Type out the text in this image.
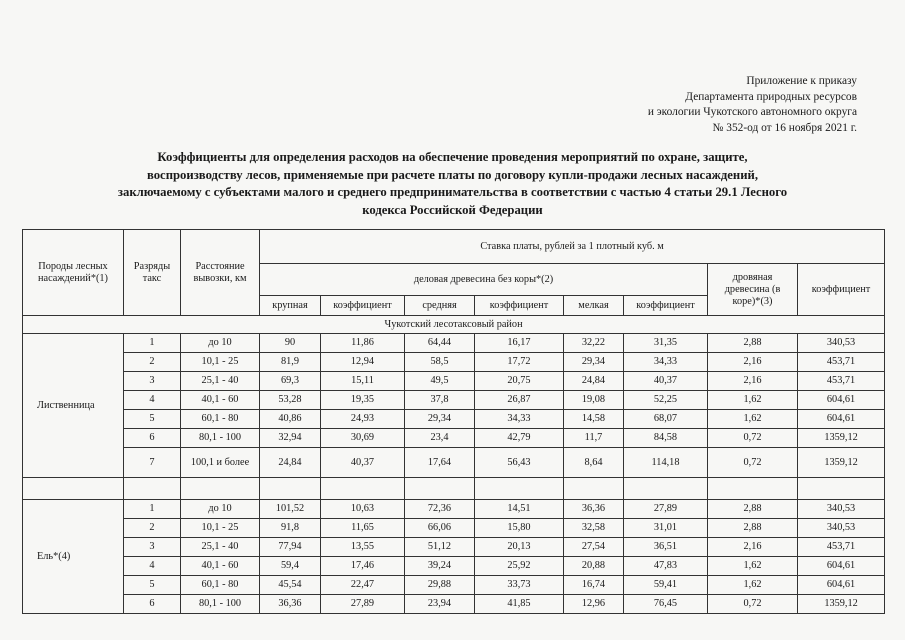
Приложение к приказу
Департамента природных ресурсов
и экологии Чукотского автономного округа
№ 352-од от 16 ноября 2021 г.
Коэффициенты для определения расходов на обеспечение проведения мероприятий по охране, защите,
воспроизводству лесов, применяемые при расчете платы по договору купли-продажи лесных насаждений,
заключаемому с субъектами малого и среднего предпринимательства в соответствии с частью 4 статьи 29.1 Лесного
кодекса Российской Федерации
Породы лесных насаждений*(1)	Разряды такс	Расстояние вывозки, км	Ставка платы, рублей за 1 плотный куб. м							
			деловая древесина без коры*(2)						дровяная древесина (в коре)*(3)	коэффициент
			крупная	коэффициент	средняя	коэффициент	мелкая	коэффициент		
Чукотский лесотаксовый район										
Лиственница	1	до 10	90	11,86	64,44	16,17	32,22	31,35	2,88	340,53
	2	10,1 - 25	81,9	12,94	58,5	17,72	29,34	34,33	2,16	453,71
	3	25,1 - 40	69,3	15,11	49,5	20,75	24,84	40,37	2,16	453,71
	4	40,1 - 60	53,28	19,35	37,8	26,87	19,08	52,25	1,62	604,61
	5	60,1 - 80	40,86	24,93	29,34	34,33	14,58	68,07	1,62	604,61
	6	80,1 - 100	32,94	30,69	23,4	42,79	11,7	84,58	0,72	1359,12
	7	100,1 и более	24,84	40,37	17,64	56,43	8,64	114,18	0,72	1359,12

Ель*(4)	1	до 10	101,52	10,63	72,36	14,51	36,36	27,89	2,88	340,53
	2	10,1 - 25	91,8	11,65	66,06	15,80	32,58	31,01	2,88	340,53
	3	25,1 - 40	77,94	13,55	51,12	20,13	27,54	36,51	2,16	453,71
	4	40,1 - 60	59,4	17,46	39,24	25,92	20,88	47,83	1,62	604,61
	5	60,1 - 80	45,54	22,47	29,88	33,73	16,74	59,41	1,62	604,61
	6	80,1 - 100	36,36	27,89	23,94	41,85	12,96	76,45	0,72	1359,12
